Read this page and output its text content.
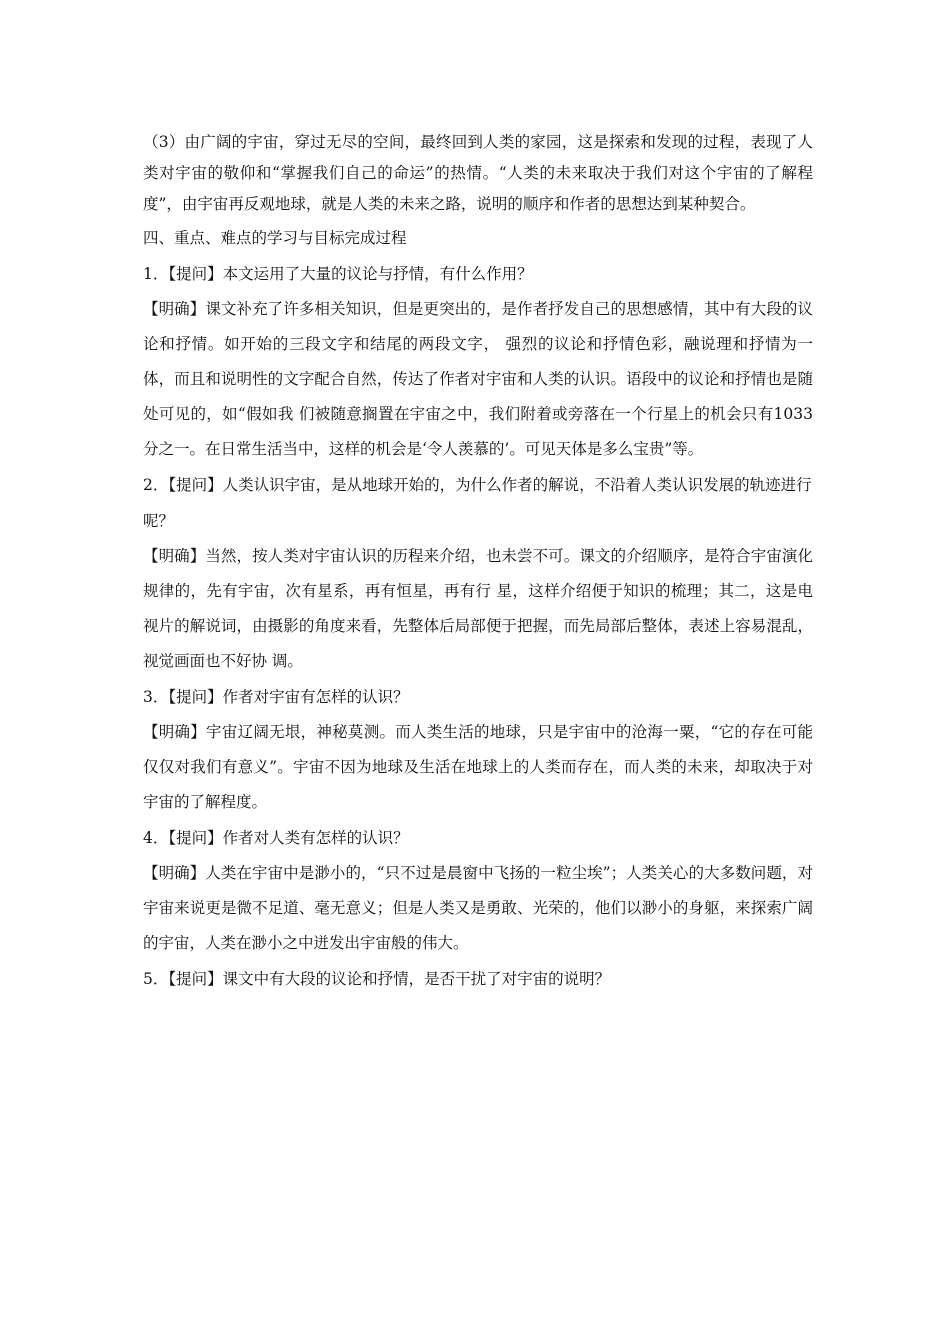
（3）由广阔的宇宙，穿过无尽的空间，最终回到人类的家园，这是探索和发现的过程，表现了人类对宇宙的敬仰和“掌握我们自己的命运”的热情。“人类的未来取决于我们对这个宇宙的了解程度”，由宇宙再反观地球，就是人类的未来之路，说明的顺序和作者的思想达到某种契合。

四、重点、难点的学习与目标完成过程

1．【提问】本文运用了大量的议论与抒情，有什么作用？

【明确】课文补充了许多相关知识，但是更突出的，是作者抒发自己的思想感情，其中有大段的议论和抒情。如开始的三段文字和结尾的两段文字， 强烈的议论和抒情色彩，融说理和抒情为一体，而且和说明性的文字配合自然，传达了作者对宇宙和人类的认识。语段中的议论和抒情也是随处可见的，如“假如我 们被随意搁置在宇宙之中，我们附着或旁落在一个行星上的机会只有1033分之一。在日常生活当中，这样的机会是‘令人羡慕的’。可见天体是多么宝贵”等。

2．【提问】人类认识宇宙，是从地球开始的，为什么作者的解说，不沿着人类认识发展的轨迹进行呢？

【明确】当然，按人类对宇宙认识的历程来介绍，也未尝不可。课文的介绍顺序，是符合宇宙演化规律的，先有宇宙，次有星系，再有恒星，再有行 星，这样介绍便于知识的梳理；其二，这是电视片的解说词，由摄影的角度来看，先整体后局部便于把握，而先局部后整体，表述上容易混乱，视觉画面也不好协 调。

3．【提问】作者对宇宙有怎样的认识？

【明确】宇宙辽阔无垠，神秘莫测。而人类生活的地球，只是宇宙中的沧海一粟，“它的存在可能仅仅对我们有意义”。宇宙不因为地球及生活在地球上的人类而存在，而人类的未来，却取决于对宇宙的了解程度。

4．【提问】作者对人类有怎样的认识？

【明确】人类在宇宙中是渺小的，“只不过是晨窗中飞扬的一粒尘埃”；人类关心的大多数问题，对宇宙来说更是微不足道、毫无意义；但是人类又是勇敢、光荣的，他们以渺小的身躯，来探索广阔的宇宙，人类在渺小之中迸发出宇宙般的伟大。

5．【提问】课文中有大段的议论和抒情，是否干扰了对宇宙的说明？
